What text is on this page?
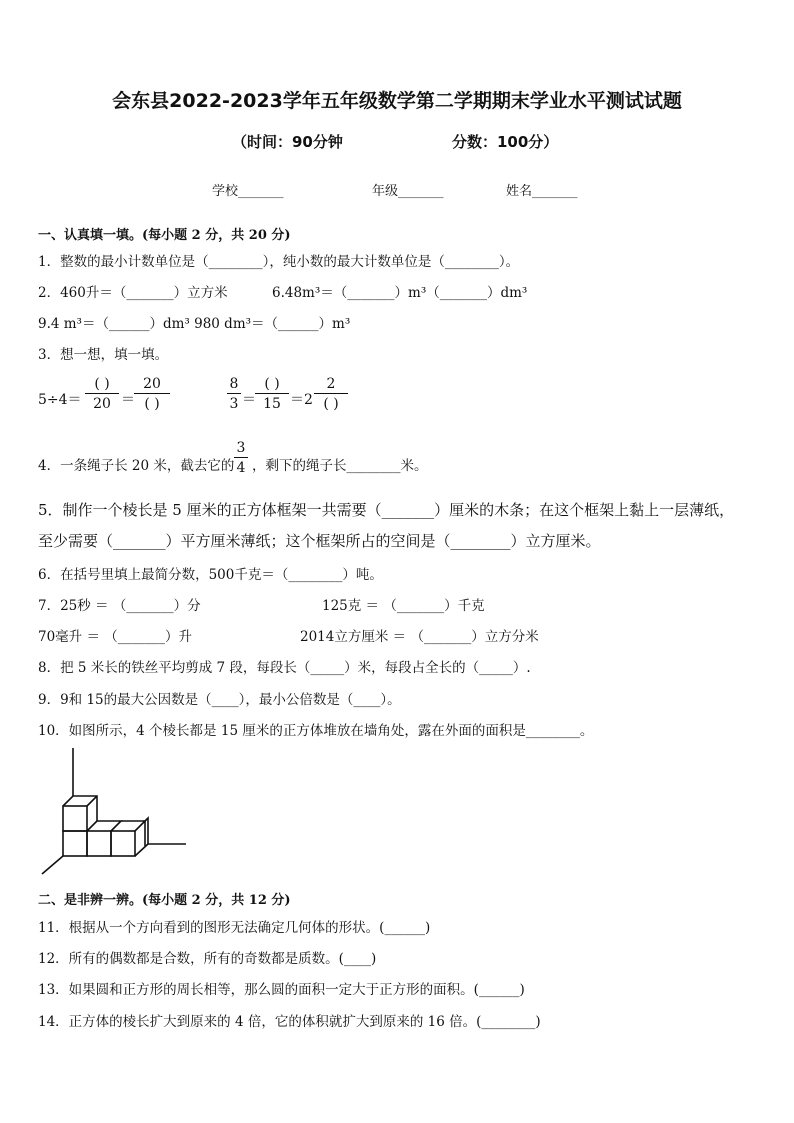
会东县2022-2023学年五年级数学第二学期期末学业水平测试试题
（时间：90分钟	分数：100分）
学校_______	年级_______	姓名_______
一、认真填一填。(每小题 2 分，共 20 分)
1．整数的最小计数单位是（________），纯小数的最大计数单位是（________）。
2．460升＝（_______）立方米	6.48m³＝（_______）m³（_______）dm³
9.4 m³＝（______）dm³ 980 dm³＝（______）m³
3．想一想，填一填。
5÷4＝
( )
20 ＝
20
( )
8
3 ＝
( )
15 ＝2
2
( )
4．一条绳子长 20 米，截去它的
3
4 ，剩下的绳子长________米。
5．制作一个棱长是 5 厘米的正方体框架一共需要（_______）厘米的木条；在这个框架上黏上一层薄纸，
至少需要（_______）平方厘米薄纸；这个框架所占的空间是（________）立方厘米。
6．在括号里填上最简分数，500千克＝（________）吨。
7．25秒 ＝ （_______）分	125克 ＝ （_______）千克
70毫升 ＝ （_______）升	2014立方厘米 ＝ （_______）立方分米
8．把 5 米长的铁丝平均剪成 7 段，每段长（_____）米，每段占全长的（_____）.
9．9和 15的最大公因数是（____），最小公倍数是（____）。
10．如图所示，4 个棱长都是 15 厘米的正方体堆放在墙角处，露在外面的面积是________。
二、是非辨一辨。(每小题 2 分，共 12 分)
11．根据从一个方向看到的图形无法确定几何体的形状。(______)
12．所有的偶数都是合数，所有的奇数都是质数。(____)
13．如果圆和正方形的周长相等，那么圆的面积一定大于正方形的面积。(______)
14．正方体的棱长扩大到原来的 4 倍，它的体积就扩大到原来的 16 倍。(________)
